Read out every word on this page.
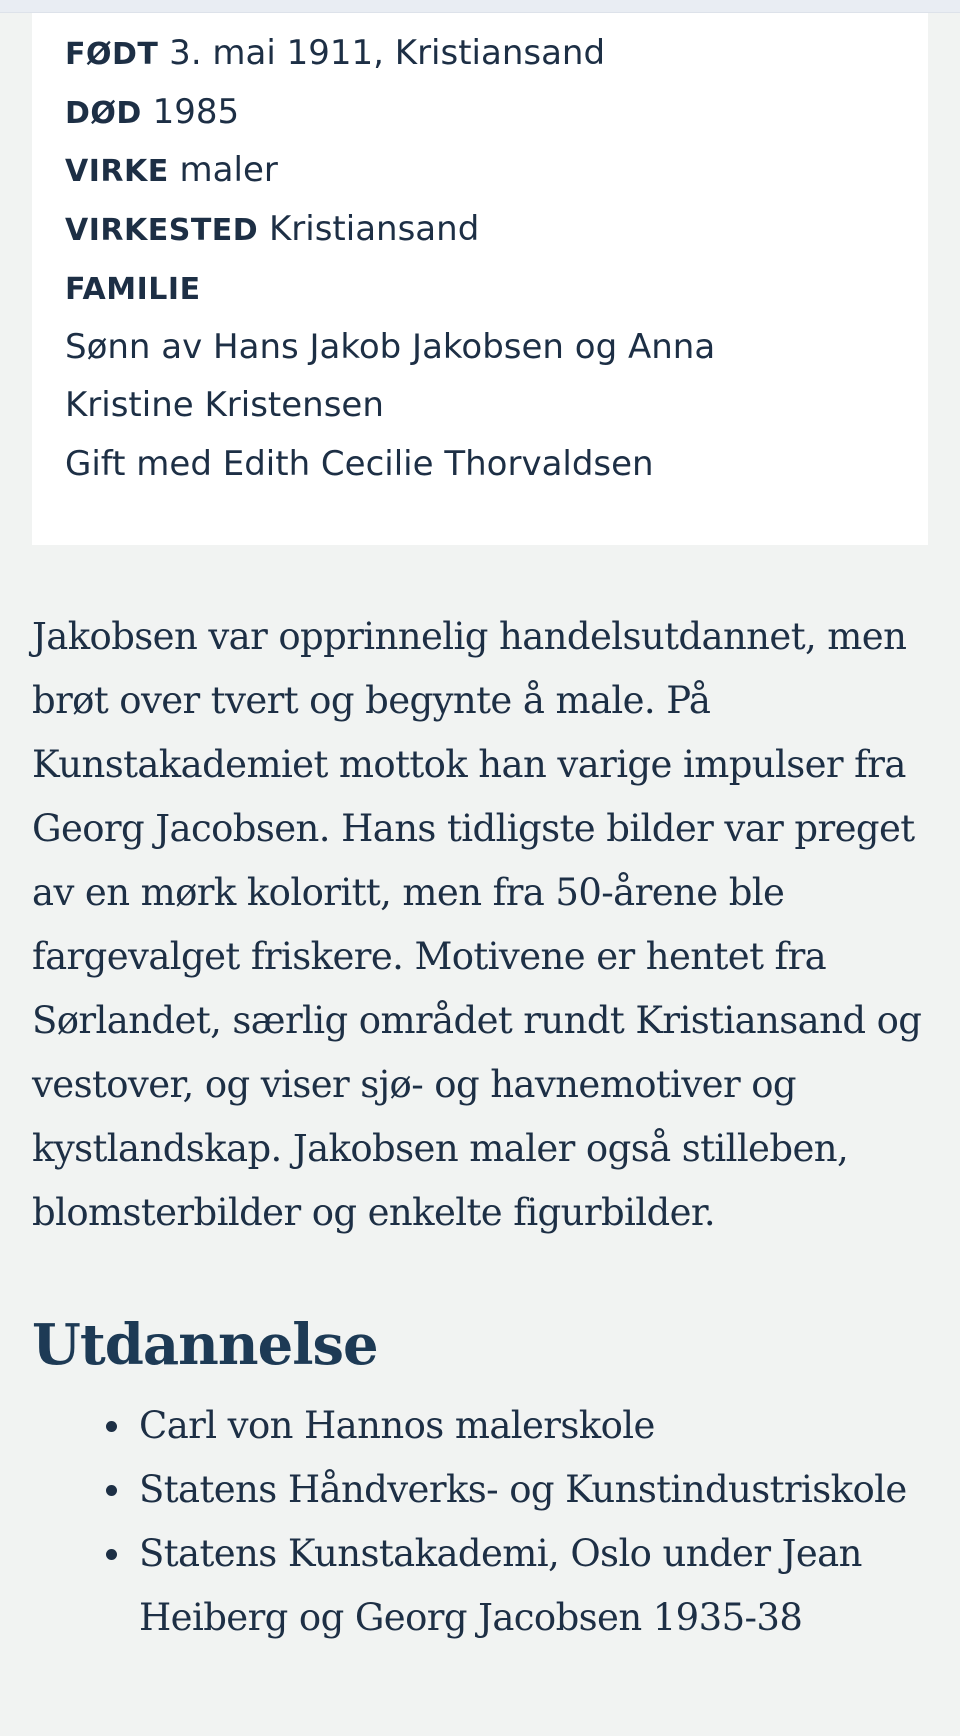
FØDT 3. mai 1911, Kristiansand
DØD 1985
VIRKE maler
VIRKESTED Kristiansand
FAMILIE
Sønn av Hans Jakob Jakobsen og Anna
Kristine Kristensen
Gift med Edith Cecilie Thorvaldsen

Jakobsen var opprinnelig handelsutdannet, men brøt over tvert og begynte å male. På Kunstakademiet mottok han varige impulser fra Georg Jacobsen. Hans tidligste bilder var preget av en mørk koloritt, men fra 50-årene ble fargevalget friskere. Motivene er hentet fra Sørlandet, særlig området rundt Kristiansand og vestover, og viser sjø- og havnemotiver og kystlandskap. Jakobsen maler også stilleben, blomsterbilder og enkelte figurbilder.

Utdannelse
Carl von Hannos malerskole
Statens Håndverks- og Kunstindustriskole
Statens Kunstakademi, Oslo under Jean Heiberg og Georg Jacobsen 1935-38
